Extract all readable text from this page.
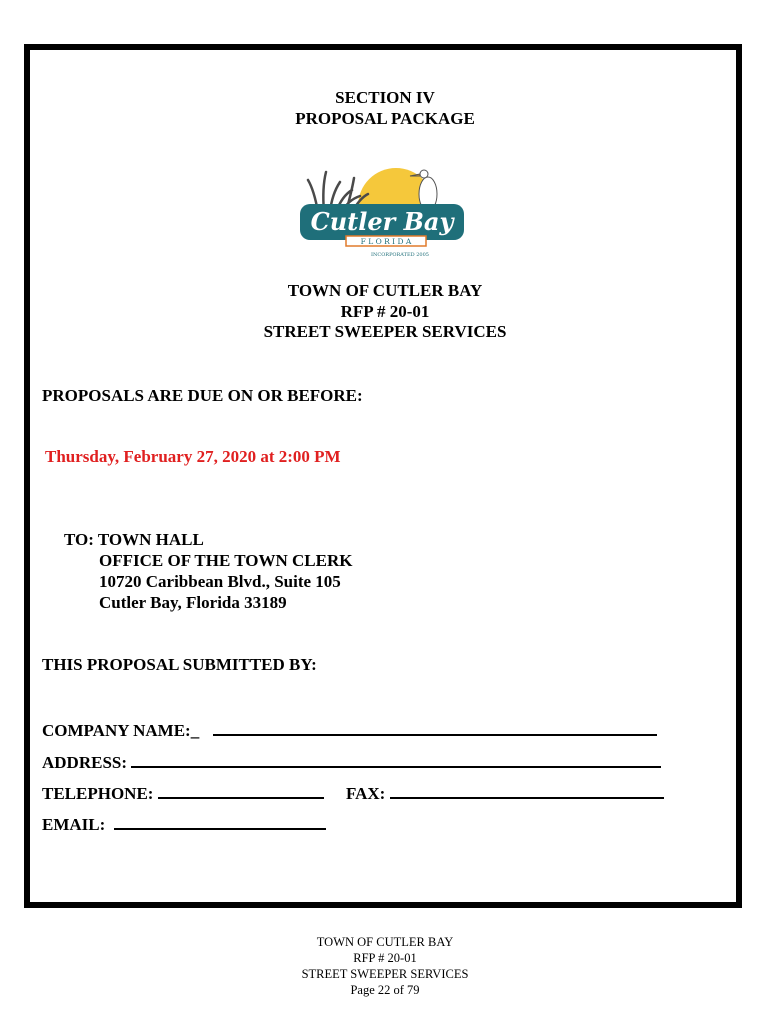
SECTION IV
PROPOSAL PACKAGE
Cutler Bay
F L O R I D A
INCORPORATED 2005
TOWN OF CUTLER BAY
RFP # 20-01
STREET SWEEPER SERVICES
PROPOSALS ARE DUE ON OR BEFORE:
Thursday, February 27, 2020 at 2:00 PM
TO: TOWN HALL
OFFICE OF THE TOWN CLERK
10720 Caribbean Blvd., Suite 105
Cutler Bay, Florida 33189
THIS PROPOSAL SUBMITTED BY:
COMPANY NAME:_
ADDRESS:
TELEPHONE:	FAX:
EMAIL:
TOWN OF CUTLER BAY
RFP # 20-01
STREET SWEEPER SERVICES
Page 22 of 79
